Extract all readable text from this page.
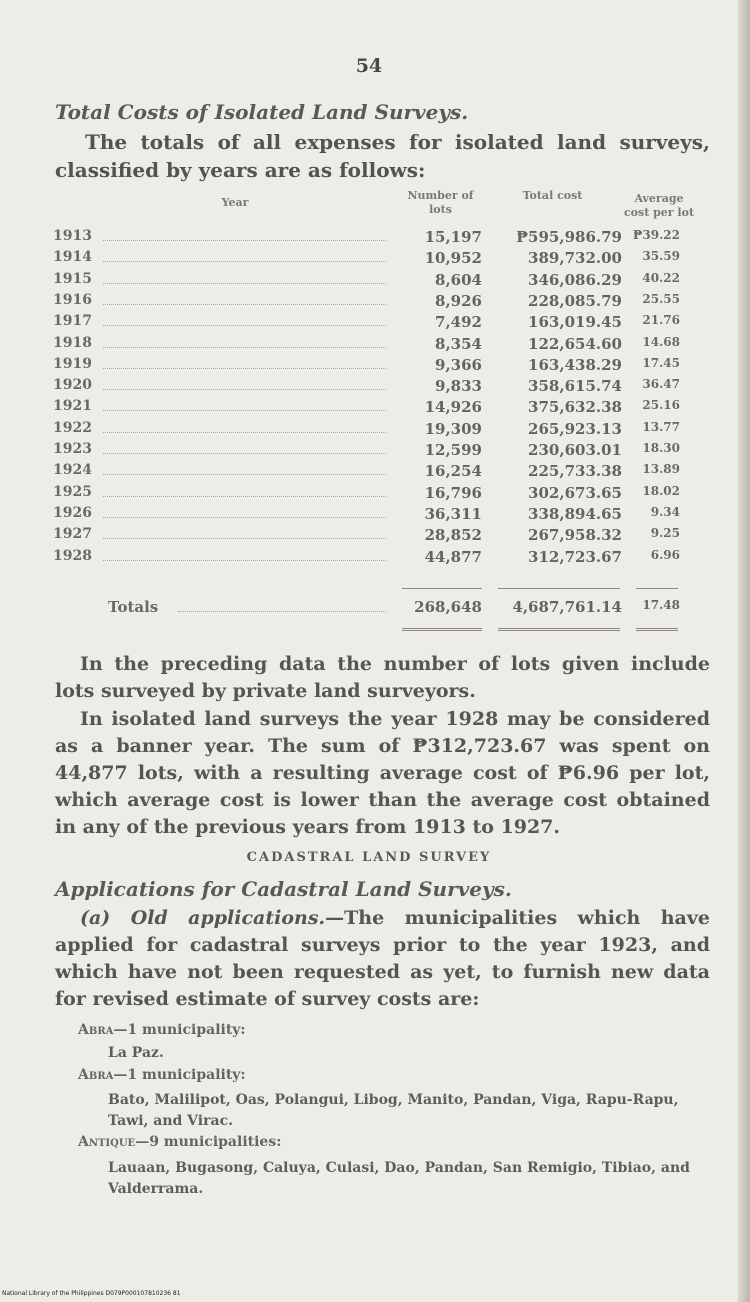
54
Total Costs of Isolated Land Surveys.
The totals of all expenses for isolated land surveys, classified by years are as follows:
Year
Number of lots
Total cost	Average cost per lot
1913	15,197 ₱595,986.79 ₱39.22
1914	10,952	389,732.00 35.59
1915	8,604	346,086.29 40.22
1916	8,926	228,085.79 25.55
1917	7,492	163,019.45 21.76
1918	8,354	122,654.60 14.68
1919	9,366	163,438.29 17.45
1920	9,833	358,615.74 36.47
1921	14,926	375,632.38 25.16
1922	19,309	265,923.13 13.77
1923	12,599	230,603.01 18.30
1924	16,254	225,733.38 13.89
1925	16,796	302,673.65 18.02
1926	36,311	338,894.65 9.34
1927	28,852	267,958.32 9.25
1928	44,877	312,723.67 6.96
Totals	268,648 4,687,761.14 17.48
In the preceding data the number of lots given include lots surveyed by private land surveyors.
In isolated land surveys the year 1928 may be considered as a banner year. The sum of ₱312,723.67 was spent on 44,877 lots, with a resulting average cost of ₱6.96 per lot, which average cost is lower than the average cost obtained in any of the previous years from 1913 to 1927.
CADASTRAL LAND SURVEY
Applications for Cadastral Land Surveys.
(a) Old applications.—The municipalities which have applied for cadastral surveys prior to the year 1923, and which have not been requested as yet, to furnish new data for revised estimate of survey costs are:
Abra—1 municipality:
La Paz.
Abra—1 municipality:
Bato, Malilipot, Oas, Polangui, Libog, Manito, Pandan, Viga, Rapu-Rapu, Tawi, and Virac.
Antique—9 municipalities:
Lauaan, Bugasong, Caluya, Culasi, Dao, Pandan, San Remigio, Tibiao, and Valderrama.
National Library of the Philippines D079P000107810236 81
